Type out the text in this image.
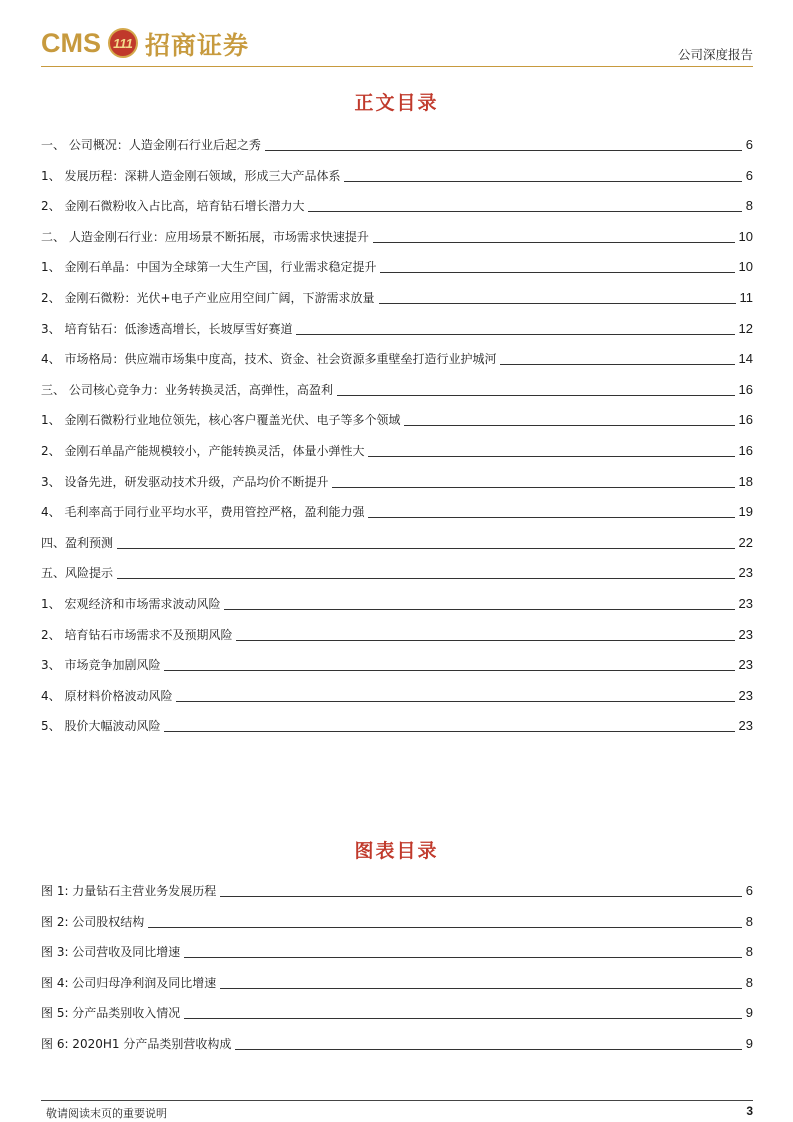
CMS 111 招商证券	公司深度报告
正文目录
一、 公司概况：人造金刚石行业后起之秀	6
1、 发展历程：深耕人造金刚石领域，形成三大产品体系	6
2、 金刚石微粉收入占比高，培育钻石增长潜力大	8
二、 人造金刚石行业：应用场景不断拓展，市场需求快速提升	10
1、 金刚石单晶：中国为全球第一大生产国，行业需求稳定提升	10
2、 金刚石微粉：光伏+电子产业应用空间广阔，下游需求放量	11
3、 培育钻石：低渗透高增长，长坡厚雪好赛道	12
4、 市场格局：供应端市场集中度高，技术、资金、社会资源多重壁垒打造行业护城河	14
三、 公司核心竞争力：业务转换灵活，高弹性，高盈利	16
1、 金刚石微粉行业地位领先，核心客户覆盖光伏、电子等多个领域	16
2、 金刚石单晶产能规模较小，产能转换灵活，体量小弹性大	16
3、 设备先进，研发驱动技术升级，产品均价不断提升	18
4、 毛利率高于同行业平均水平，费用管控严格，盈利能力强	19
四、盈利预测	22
五、风险提示	23
1、 宏观经济和市场需求波动风险	23
2、 培育钻石市场需求不及预期风险	23
3、 市场竞争加剧风险	23
4、 原材料价格波动风险	23
5、 股价大幅波动风险	23
图表目录
图 1: 力量钻石主营业务发展历程	6
图 2: 公司股权结构	8
图 3: 公司营收及同比增速	8
图 4: 公司归母净利润及同比增速	8
图 5: 分产品类别收入情况	9
图 6: 2020H1 分产品类别营收构成	9
敬请阅读末页的重要说明	3
